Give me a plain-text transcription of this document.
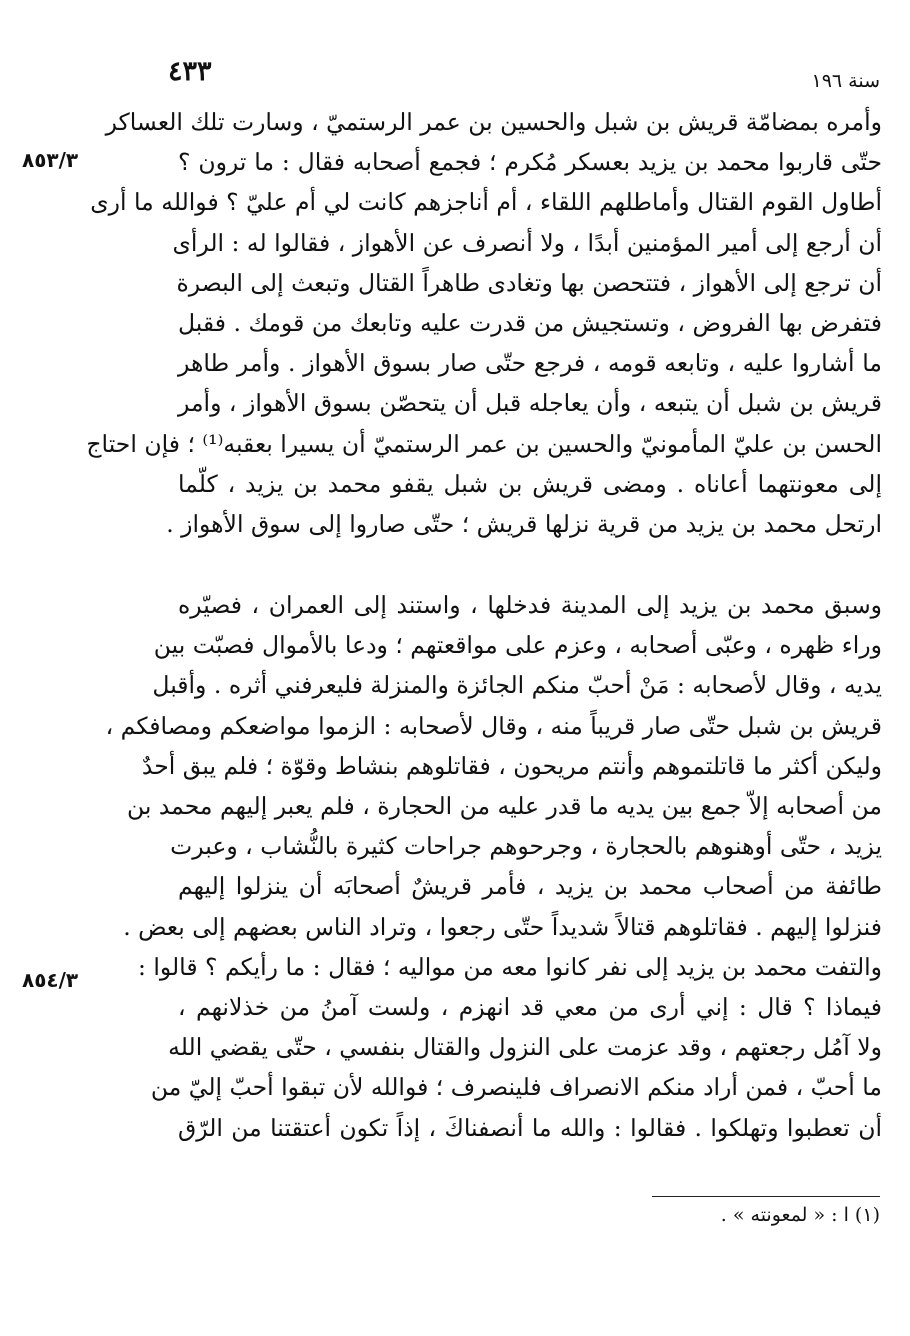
٤٣٣	سنة ١٩٦
٨٥٣/٣
٨٥٤/٣

وأمره بمضامّة قريش بن شبل والحسين بن عمر الرستميّ ، وسارت تلك العساكر

حتّى قاربوا محمد بن يزيد بعسكر مُكرم ؛ فجمع أصحابه فقال : ما ترون ؟

أطاول القوم القتال وأماطلهم اللقاء ، أم أناجزهم كانت لي أم عليّ ؟ فوالله ما أرى

أن أرجع إلى أمير المؤمنين أبدًا ، ولا أنصرف عن الأهواز ، فقالوا له : الرأى

أن ترجع إلى الأهواز ، فتتحصن بها وتغادى طاهراً القتال وتبعث إلى البصرة

فتفرض بها الفروض ، وتستجيش من قدرت عليه وتابعك من قومك . فقبل

ما أشاروا عليه ، وتابعه قومه ، فرجع حتّى صار بسوق الأهواز . وأمر طاهر

قريش بن شبل أن يتبعه ، وأن يعاجله قبل أن يتحصّن بسوق الأهواز ، وأمر

الحسن بن عليّ المأمونيّ والحسين بن عمر الرستميّ أن يسيرا بعقبه⁽¹⁾ ؛ فإن احتاج

إلى معونتهما أعاناه . ومضى قريش بن شبل يقفو محمد بن يزيد ، كلّما

ارتحل محمد بن يزيد من قرية نزلها قريش ؛ حتّى صاروا إلى سوق الأهواز .

وسبق محمد بن يزيد إلى المدينة فدخلها ، واستند إلى العمران ، فصيّره

وراء ظهره ، وعبّى أصحابه ، وعزم على مواقعتهم ؛ ودعا بالأموال فصبّت بين

يديه ، وقال لأصحابه : مَنْ أحبّ منكم الجائزة والمنزلة فليعرفني أثره . وأقبل

قريش بن شبل حتّى صار قريباً منه ، وقال لأصحابه : الزموا مواضعكم ومصافكم ،

وليكن أكثر ما قاتلتموهم وأنتم مريحون ، فقاتلوهم بنشاط وقوّة ؛ فلم يبق أحدٌ

من أصحابه إلاّ جمع بين يديه ما قدر عليه من الحجارة ، فلم يعبر إليهم محمد بن

يزيد ، حتّى أوهنوهم بالحجارة ، وجرحوهم جراحات كثيرة بالنُّشاب ، وعبرت

طائفة من أصحاب محمد بن يزيد ، فأمر قريشٌ أصحابَه أن ينزلوا إليهم

فنزلوا إليهم . فقاتلوهم قتالاً شديداً حتّى رجعوا ، وتراد الناس بعضهم إلى بعض .

والتفت محمد بن يزيد إلى نفر كانوا معه من مواليه ؛ فقال : ما رأيكم ؟ قالوا :

فيماذا ؟ قال : إني أرى من معي قد انهزم ، ولست آمنُ من خذلانهم ،

ولا آمُل رجعتهم ، وقد عزمت على النزول والقتال بنفسي ، حتّى يقضي الله

ما أحبّ ، فمن أراد منكم الانصراف فلينصرف ؛ فوالله لأن تبقوا أحبّ إليّ من

أن تعطبوا وتهلكوا . فقالوا : والله ما أنصفناكَ ، إذاً تكون أعتقتنا من الرّق

(١) ا : « لمعونته » .
